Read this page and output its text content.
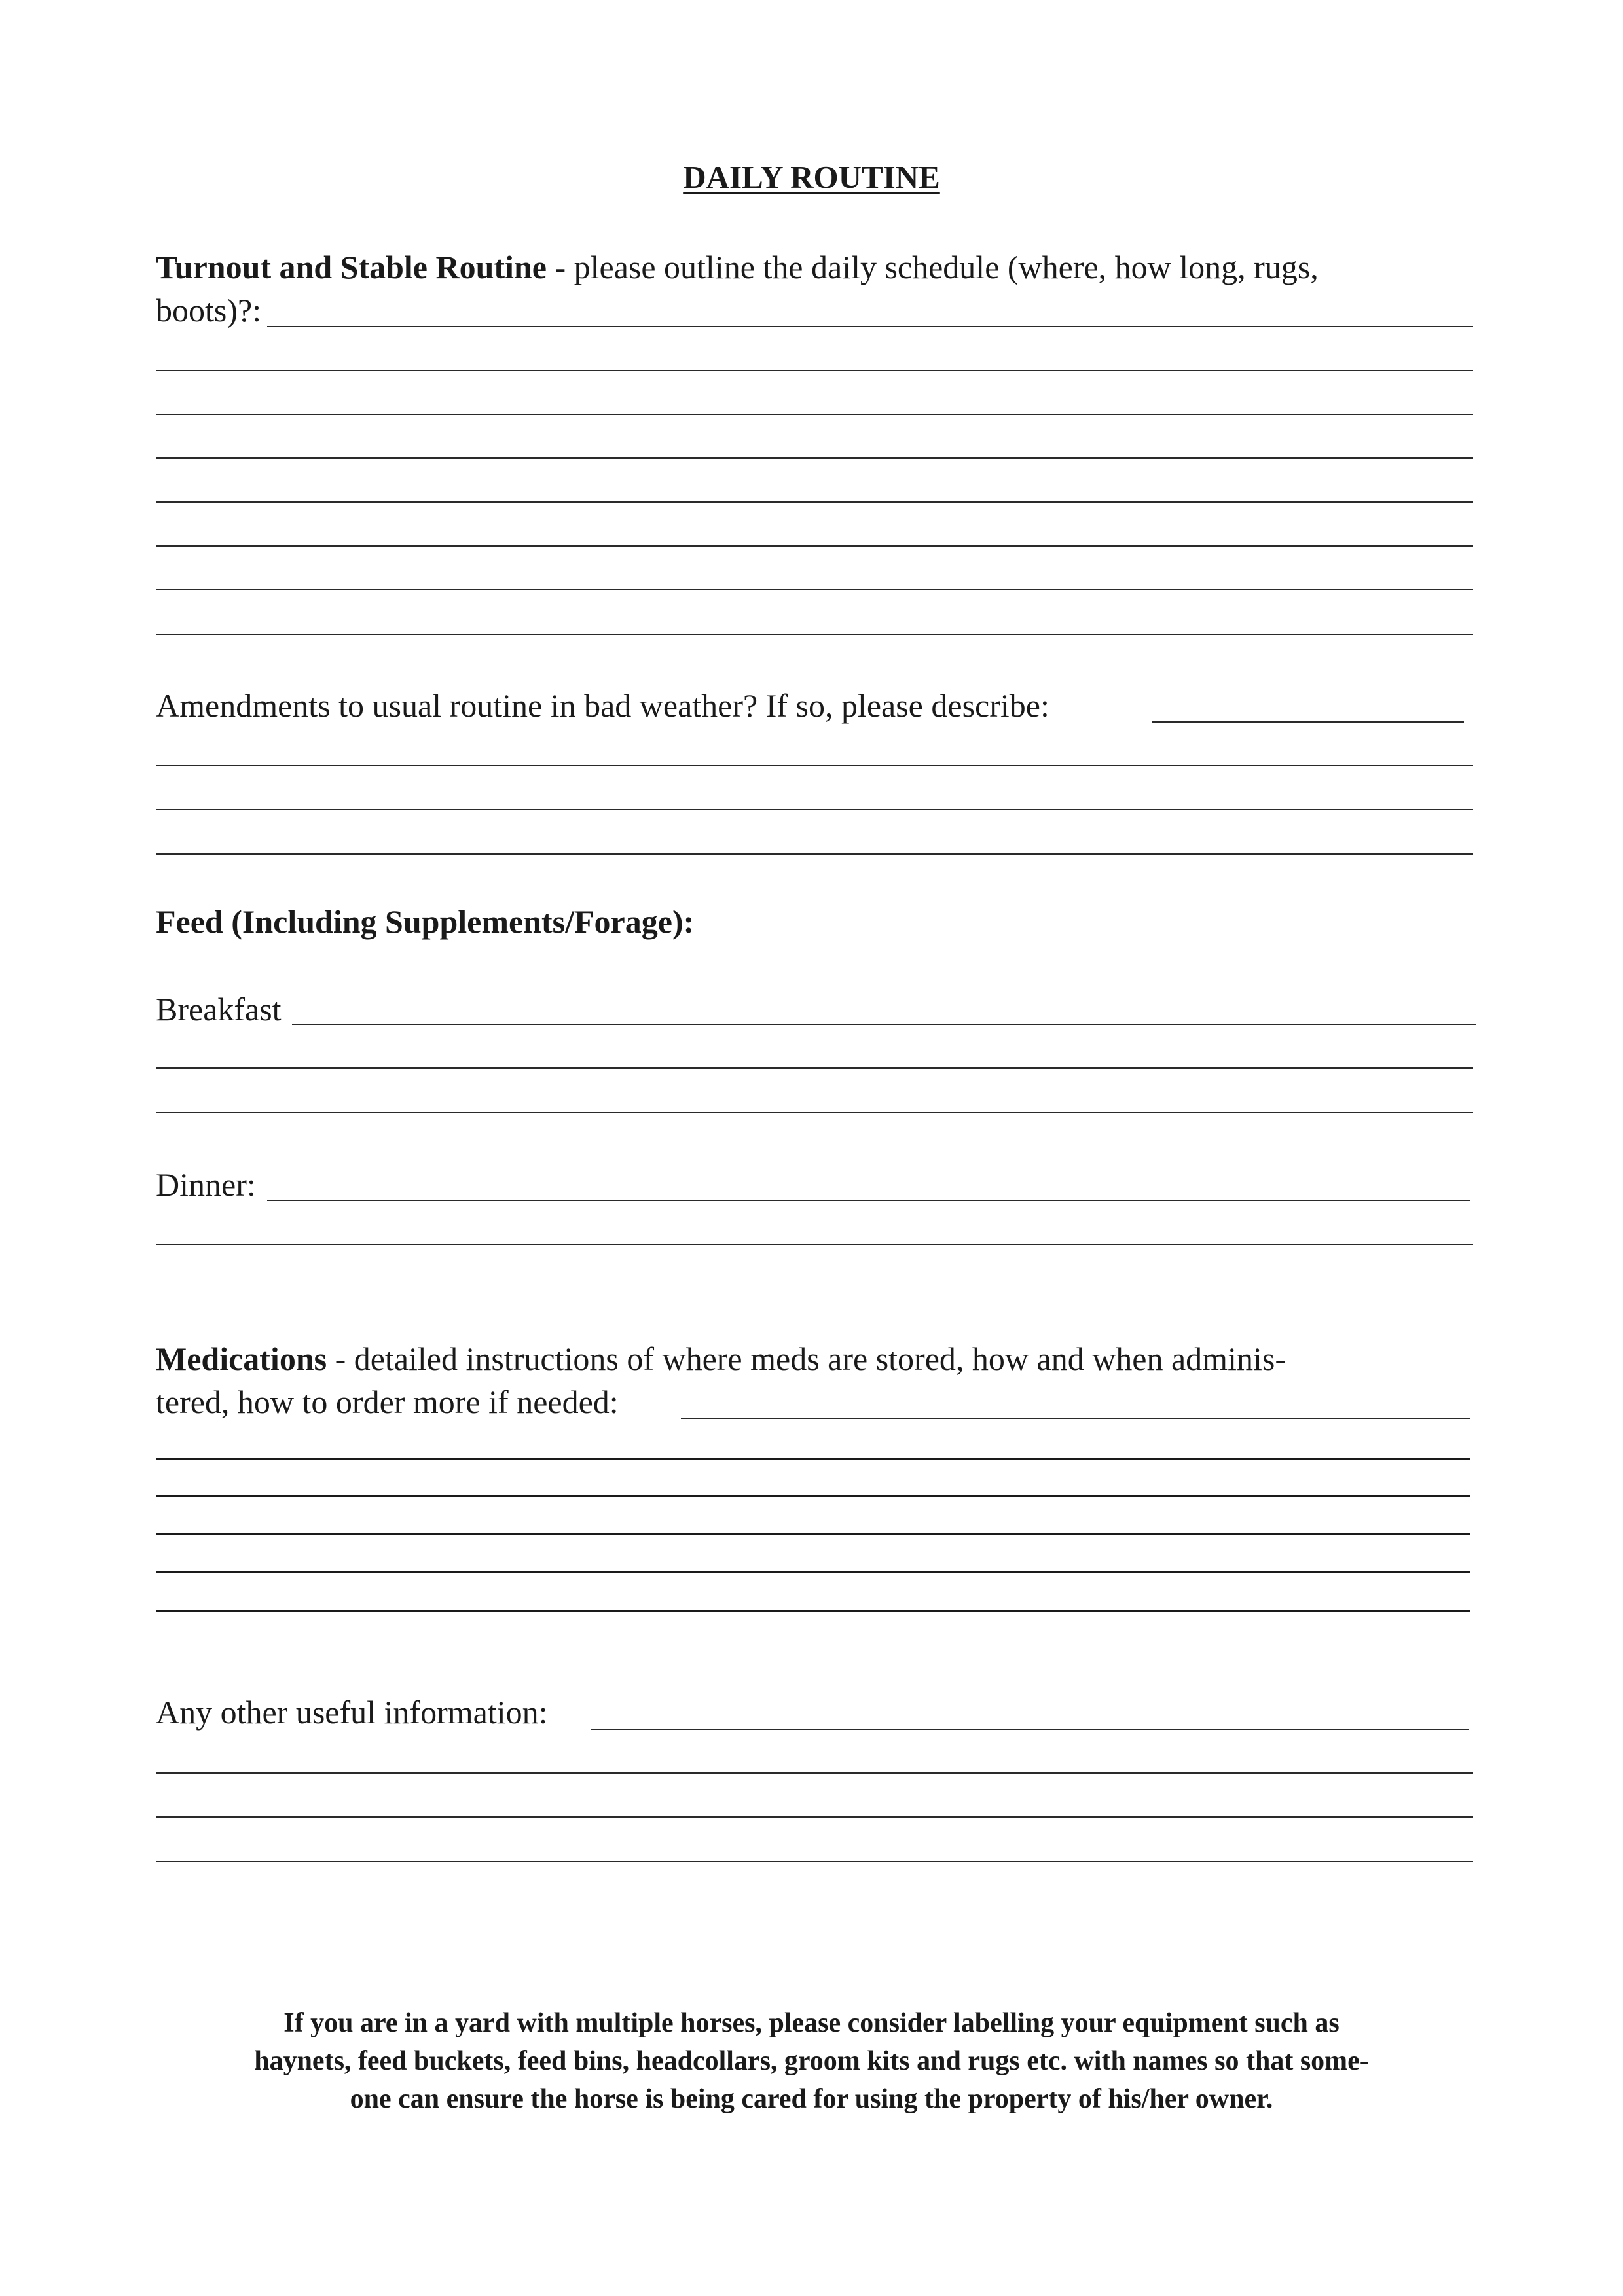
DAILY ROUTINE
Turnout and Stable Routine - please outline the daily schedule (where, how long, rugs,
boots)?:
Amendments to usual routine in bad weather? If so, please describe:
Feed (Including Supplements/Forage):
Breakfast
Dinner:
Medications - detailed instructions of where meds are stored, how and when adminis-
tered, how to order more if needed:
Any other useful information:
If you are in a yard with multiple horses, please consider labelling your equipment such as
haynets, feed buckets, feed bins, headcollars, groom kits and rugs etc. with names so that some-
one can ensure the horse is being cared for using the property of his/her owner.
